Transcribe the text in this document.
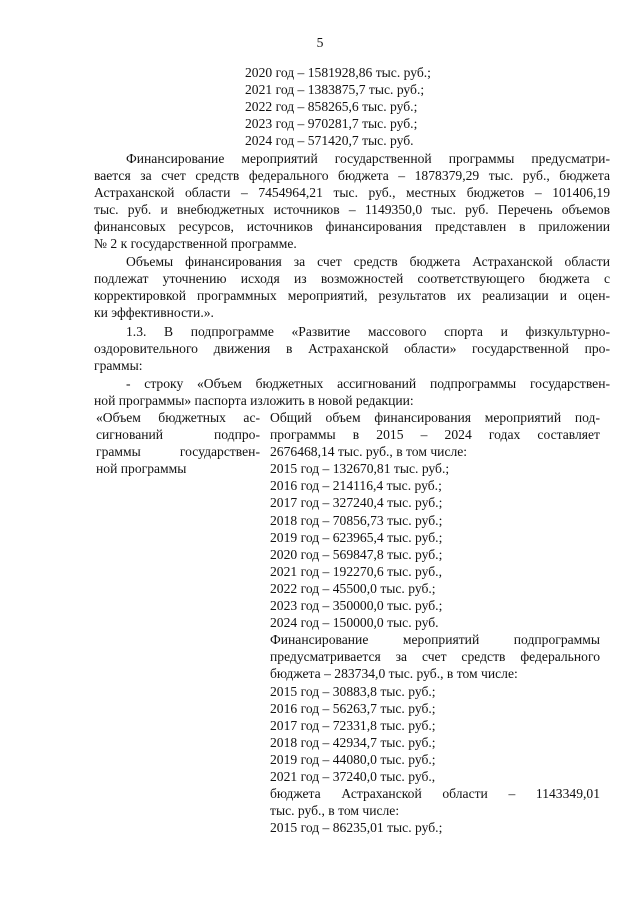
5
2020 год – 1581928,86 тыс. руб.;
2021 год – 1383875,7 тыс. руб.;
2022 год – 858265,6 тыс. руб.;
2023 год – 970281,7 тыс. руб.;
2024 год – 571420,7 тыс. руб.
Финансирование мероприятий государственной программы предусматри-
вается за счет средств федерального бюджета – 1878379,29 тыс. руб., бюджета
Астраханской области – 7454964,21 тыс. руб., местных бюджетов – 101406,19
тыс. руб. и внебюджетных источников – 1149350,0 тыс. руб. Перечень объемов
финансовых ресурсов, источников финансирования представлен в приложении
№ 2 к государственной программе.
Объемы финансирования за счет средств бюджета Астраханской области
подлежат уточнению исходя из возможностей соответствующего бюджета с
корректировкой программных мероприятий, результатов их реализации и оцен-
ки эффективности.».
1.3. В подпрограмме «Развитие массового спорта и физкультурно-
оздоровительного движения в Астраханской области» государственной про-
граммы:
- строку «Объем бюджетных ассигнований подпрограммы государствен-
ной программы» паспорта изложить в новой редакции:
«Объем бюджетных ас-
сигнований подпро-
граммы государствен-
ной программы
Общий объем финансирования мероприятий под-
программы в 2015 – 2024 годах составляет
2676468,14 тыс. руб., в том числе:
2015 год – 132670,81 тыс. руб.;
2016 год – 214116,4 тыс. руб.;
2017 год – 327240,4 тыс. руб.;
2018 год – 70856,73 тыс. руб.;
2019 год – 623965,4 тыс. руб.;
2020 год – 569847,8 тыс. руб.;
2021 год – 192270,6 тыс. руб.,
2022 год – 45500,0 тыс. руб.;
2023 год – 350000,0 тыс. руб.;
2024 год – 150000,0 тыс. руб.
Финансирование мероприятий подпрограммы
предусматривается за счет средств федерального
бюджета – 283734,0 тыс. руб., в том числе:
2015 год – 30883,8 тыс. руб.;
2016 год – 56263,7 тыс. руб.;
2017 год – 72331,8 тыс. руб.;
2018 год – 42934,7 тыс. руб.;
2019 год – 44080,0 тыс. руб.;
2021 год – 37240,0 тыс. руб.,
бюджета Астраханской области – 1143349,01
тыс. руб., в том числе:
2015 год – 86235,01 тыс. руб.;
